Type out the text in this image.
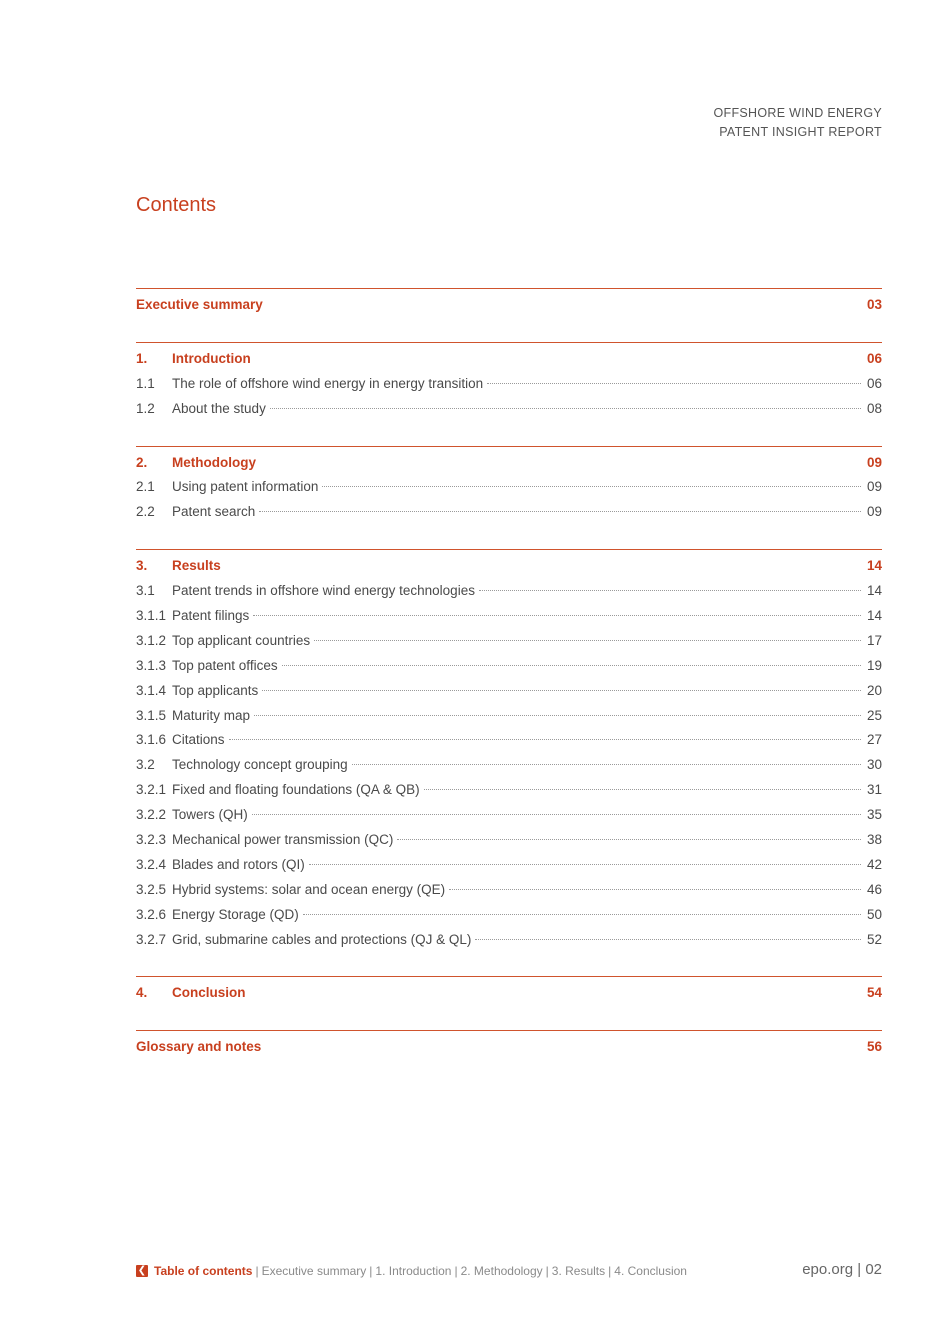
OFFSHORE WIND ENERGY
PATENT INSIGHT REPORT
Contents
Executive summary	03
1.	Introduction	06
1.1	The role of offshore wind energy in energy transition	06
1.2	About the study	08
2.	Methodology	09
2.1	Using patent information	09
2.2	Patent search	09
3.	Results	14
3.1	Patent trends in offshore wind energy technologies	14
3.1.1 Patent filings	14
3.1.2 Top applicant countries	17
3.1.3 Top patent offices	19
3.1.4 Top applicants	20
3.1.5 Maturity map	25
3.1.6 Citations	27
3.2	Technology concept grouping	30
3.2.1 Fixed and floating foundations (QA & QB)	31
3.2.2 Towers (QH)	35
3.2.3 Mechanical power transmission (QC)	38
3.2.4 Blades and rotors (QI)	42
3.2.5 Hybrid systems: solar and ocean energy (QE)	46
3.2.6 Energy Storage (QD)	50
3.2.7 Grid, submarine cables and protections (QJ & QL)	52
4.	Conclusion	54
Glossary and notes	56
❮ Table of contents | Executive summary | 1. Introduction | 2. Methodology | 3. Results | 4. Conclusion	epo.org | 02
